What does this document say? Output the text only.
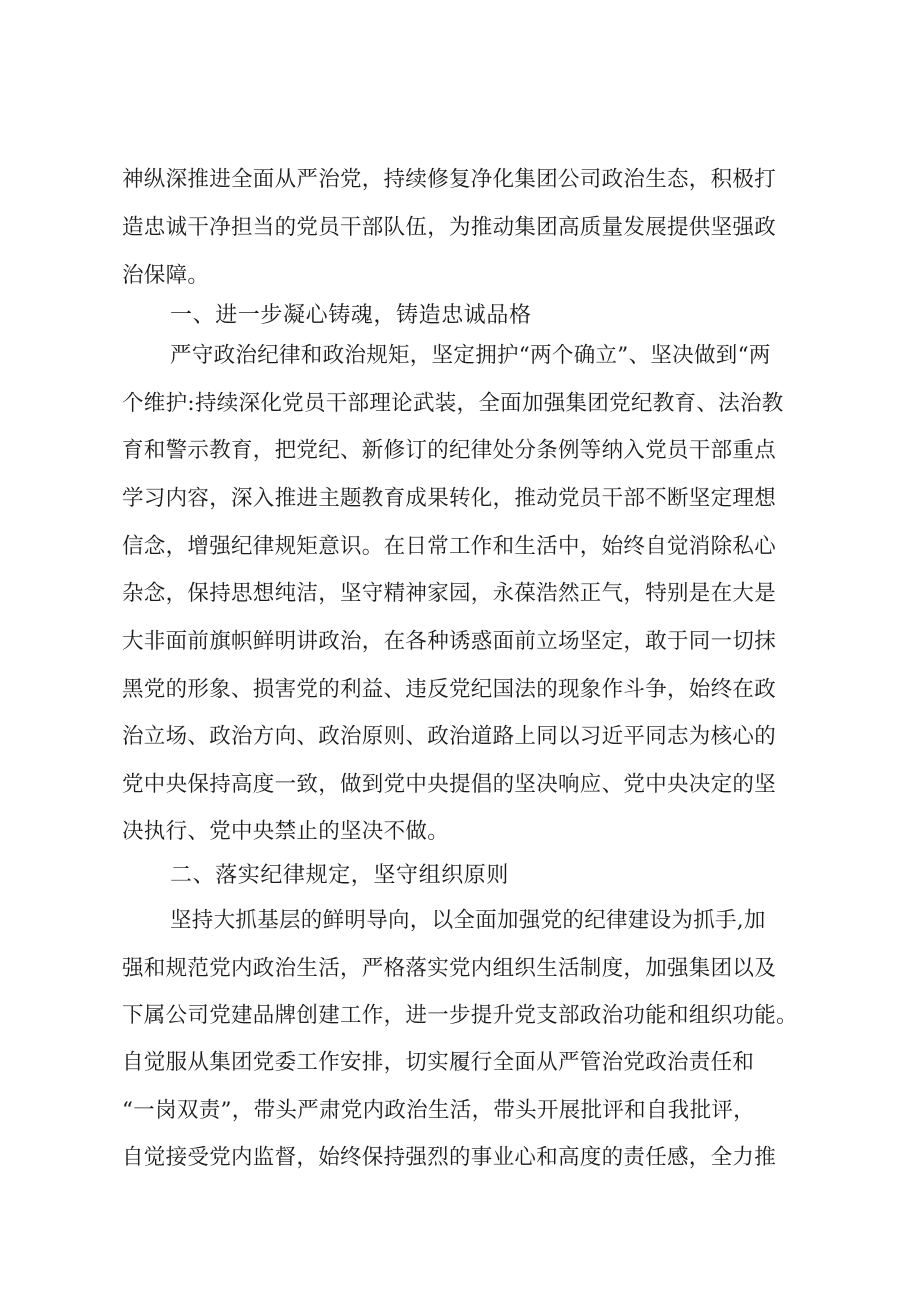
神纵深推进全面从严治党，持续修复净化集团公司政治生态，积极打
造忠诚干净担当的党员干部队伍，为推动集团高质量发展提供坚强政
治保障。
一、进一步凝心铸魂，铸造忠诚品格
严守政治纪律和政治规矩，坚定拥护“两个确立”、坚决做到“两
个维护:持续深化党员干部理论武装，全面加强集团党纪教育、法治教
育和警示教育，把党纪、新修订的纪律处分条例等纳入党员干部重点
学习内容，深入推进主题教育成果转化，推动党员干部不断坚定理想
信念，增强纪律规矩意识。在日常工作和生活中，始终自觉消除私心
杂念，保持思想纯洁，坚守精神家园，永葆浩然正气，特别是在大是
大非面前旗帜鲜明讲政治，在各种诱惑面前立场坚定，敢于同一切抹
黑党的形象、损害党的利益、违反党纪国法的现象作斗争，始终在政
治立场、政治方向、政治原则、政治道路上同以习近平同志为核心的
党中央保持高度一致，做到党中央提倡的坚决响应、党中央决定的坚
决执行、党中央禁止的坚决不做。
二、落实纪律规定，坚守组织原则
坚持大抓基层的鲜明导向，以全面加强党的纪律建设为抓手,加
强和规范党内政治生活，严格落实党内组织生活制度，加强集团以及
下属公司党建品牌创建工作，进一步提升党支部政治功能和组织功能。
自觉服从集团党委工作安排，切实履行全面从严管治党政治责任和
“一岗双责”，带头严肃党内政治生活，带头开展批评和自我批评，
自觉接受党内监督，始终保持强烈的事业心和高度的责任感，全力推
